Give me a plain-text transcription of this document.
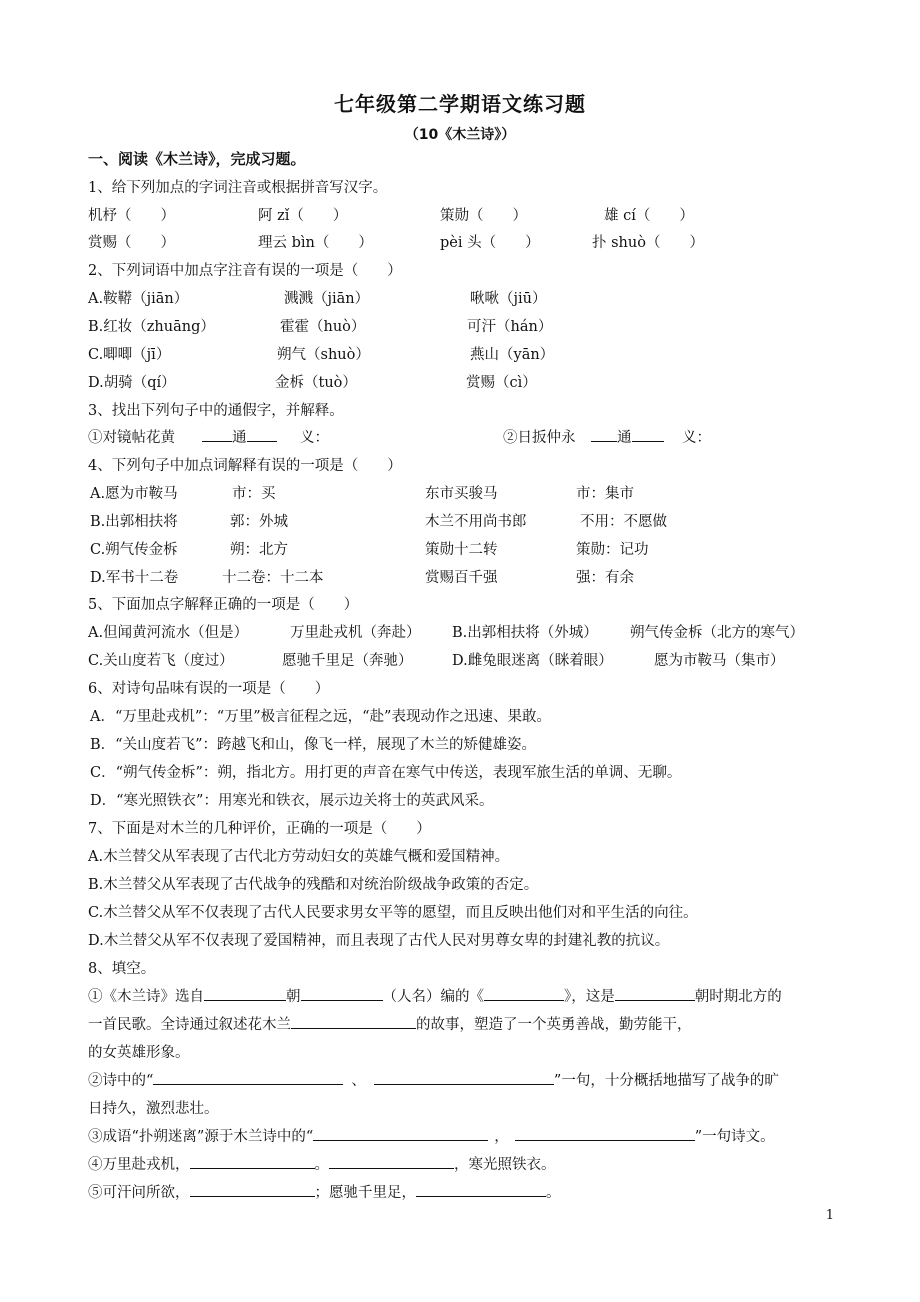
七年级第二学期语文练习题
（10《木兰诗》）
一、阅读《木兰诗》，完成习题。
1、给下列加点的字词注音或根据拼音写汉字。
机杼（　　）	阿 zǐ（　　）	策勋（　　）	雄 cí（　　）
赏赐（　　）	理云 bìn（　　）	pèi 头（　　）	扑 shuò（　　）
2、下列词语中加点字注音有误的一项是（　　）
A.鞍鞯（jiān）	溅溅（jiān）	啾啾（jiū）
B.红妆（zhuāng）	霍霍（huò）	可汗（hán）
C.唧唧（jī）	朔气（shuò）	燕山（yān）
D.胡骑（qí）	金柝（tuò）	赏赐（cì）
3、找出下列句子中的通假字，并解释。
①对镜帖花黄	通	义：	②日扳仲永	通	义：
4、下列句子中加点词解释有误的一项是（　　）
A.愿为市鞍马	市：买	东市买骏马	市：集市
B.出郭相扶将	郭：外城	木兰不用尚书郎	不用：不愿做
C.朔气传金柝	朔：北方	策勋十二转	策勋：记功
D.军书十二卷	十二卷：十二本	赏赐百千强	强：有余
5、下面加点字解释正确的一项是（　　）
A.但闻黄河流水（但是）	万里赴戎机（奔赴） B.出郭相扶将（外城） 朔气传金柝（北方的寒气）
C.关山度若飞（度过）	愿驰千里足（奔驰）	D.雌兔眼迷离（眯着眼）	愿为市鞍马（集市）
6、对诗句品味有误的一项是（　　）
A．“万里赴戎机”：“万里”极言征程之远，“赴”表现动作之迅速、果敢。
B．“关山度若飞”：跨越飞和山，像飞一样，展现了木兰的矫健雄姿。
C．“朔气传金柝”：朔，指北方。用打更的声音在寒气中传送，表现军旅生活的单调、无聊。
D．“寒光照铁衣”：用寒光和铁衣，展示边关将士的英武风采。
7、下面是对木兰的几种评价，正确的一项是（　　）
A.木兰替父从军表现了古代北方劳动妇女的英雄气概和爱国精神。
B.木兰替父从军表现了古代战争的残酷和对统治阶级战争政策的否定。
C.木兰替父从军不仅表现了古代人民要求男女平等的愿望，而且反映出他们对和平生活的向往。
D.木兰替父从军不仅表现了爱国精神，而且表现了古代人民对男尊女卑的封建礼教的抗议。
8、填空。
①《木兰诗》选自	朝	（人名）编的《	》，这是	朝时期北方的
一首民歌。全诗通过叙述花木兰	的故事，塑造了一个英勇善战，勤劳能干，
的女英雄形象。
②诗中的“	、	”一句，十分概括地描写了战争的旷
日持久，激烈悲壮。
③成语“扑朔迷离”源于木兰诗中的“	，	”一句诗文。
④万里赴戎机，	。	，寒光照铁衣。
⑤可汗问所欲，	；愿驰千里足，	。
1
